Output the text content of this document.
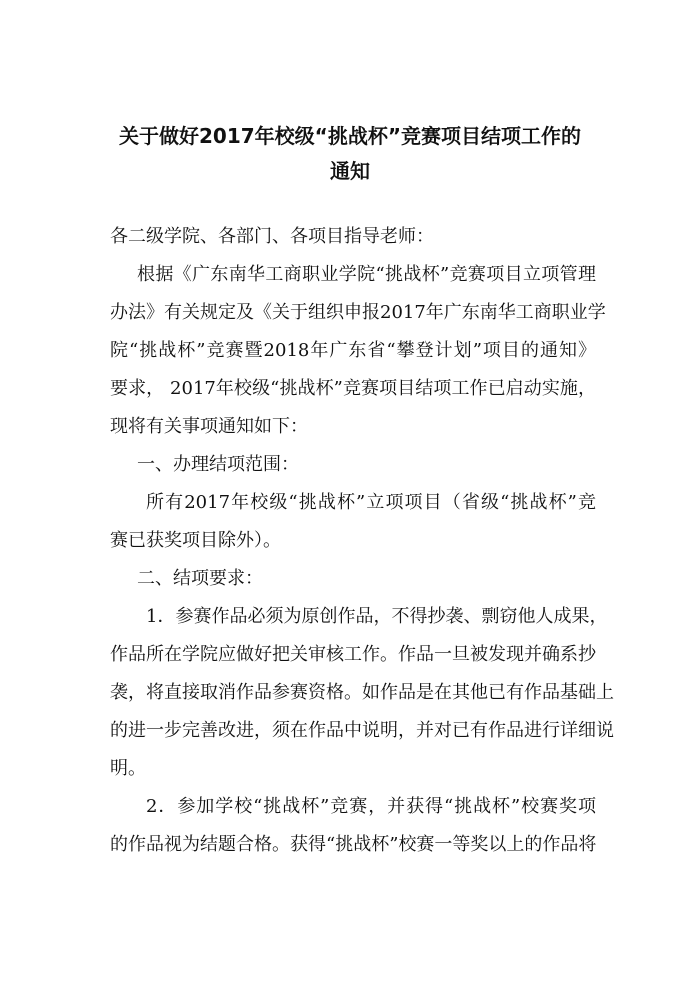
关于做好2017年校级“挑战杯”竞赛项目结项工作的
通知
各二级学院、各部门、各项目指导老师：
根据《广东南华工商职业学院“挑战杯”竞赛项目立项管理
办法》有关规定及《关于组织申报2017年广东南华工商职业学
院“挑战杯”竞赛暨2018年广东省“攀登计划”项目的通知》
要求， 2017年校级“挑战杯”竞赛项目结项工作已启动实施，
现将有关事项通知如下：
一、办理结项范围：
所有2017年校级“挑战杯”立项项目（省级“挑战杯”竞
赛已获奖项目除外）。
二、结项要求：
1．参赛作品必须为原创作品，不得抄袭、剽窃他人成果，
作品所在学院应做好把关审核工作。作品一旦被发现并确系抄
袭，将直接取消作品参赛资格。如作品是在其他已有作品基础上
的进一步完善改进，须在作品中说明，并对已有作品进行详细说
明。
2．参加学校“挑战杯”竞赛，并获得“挑战杯”校赛奖项
的作品视为结题合格。获得“挑战杯”校赛一等奖以上的作品将
